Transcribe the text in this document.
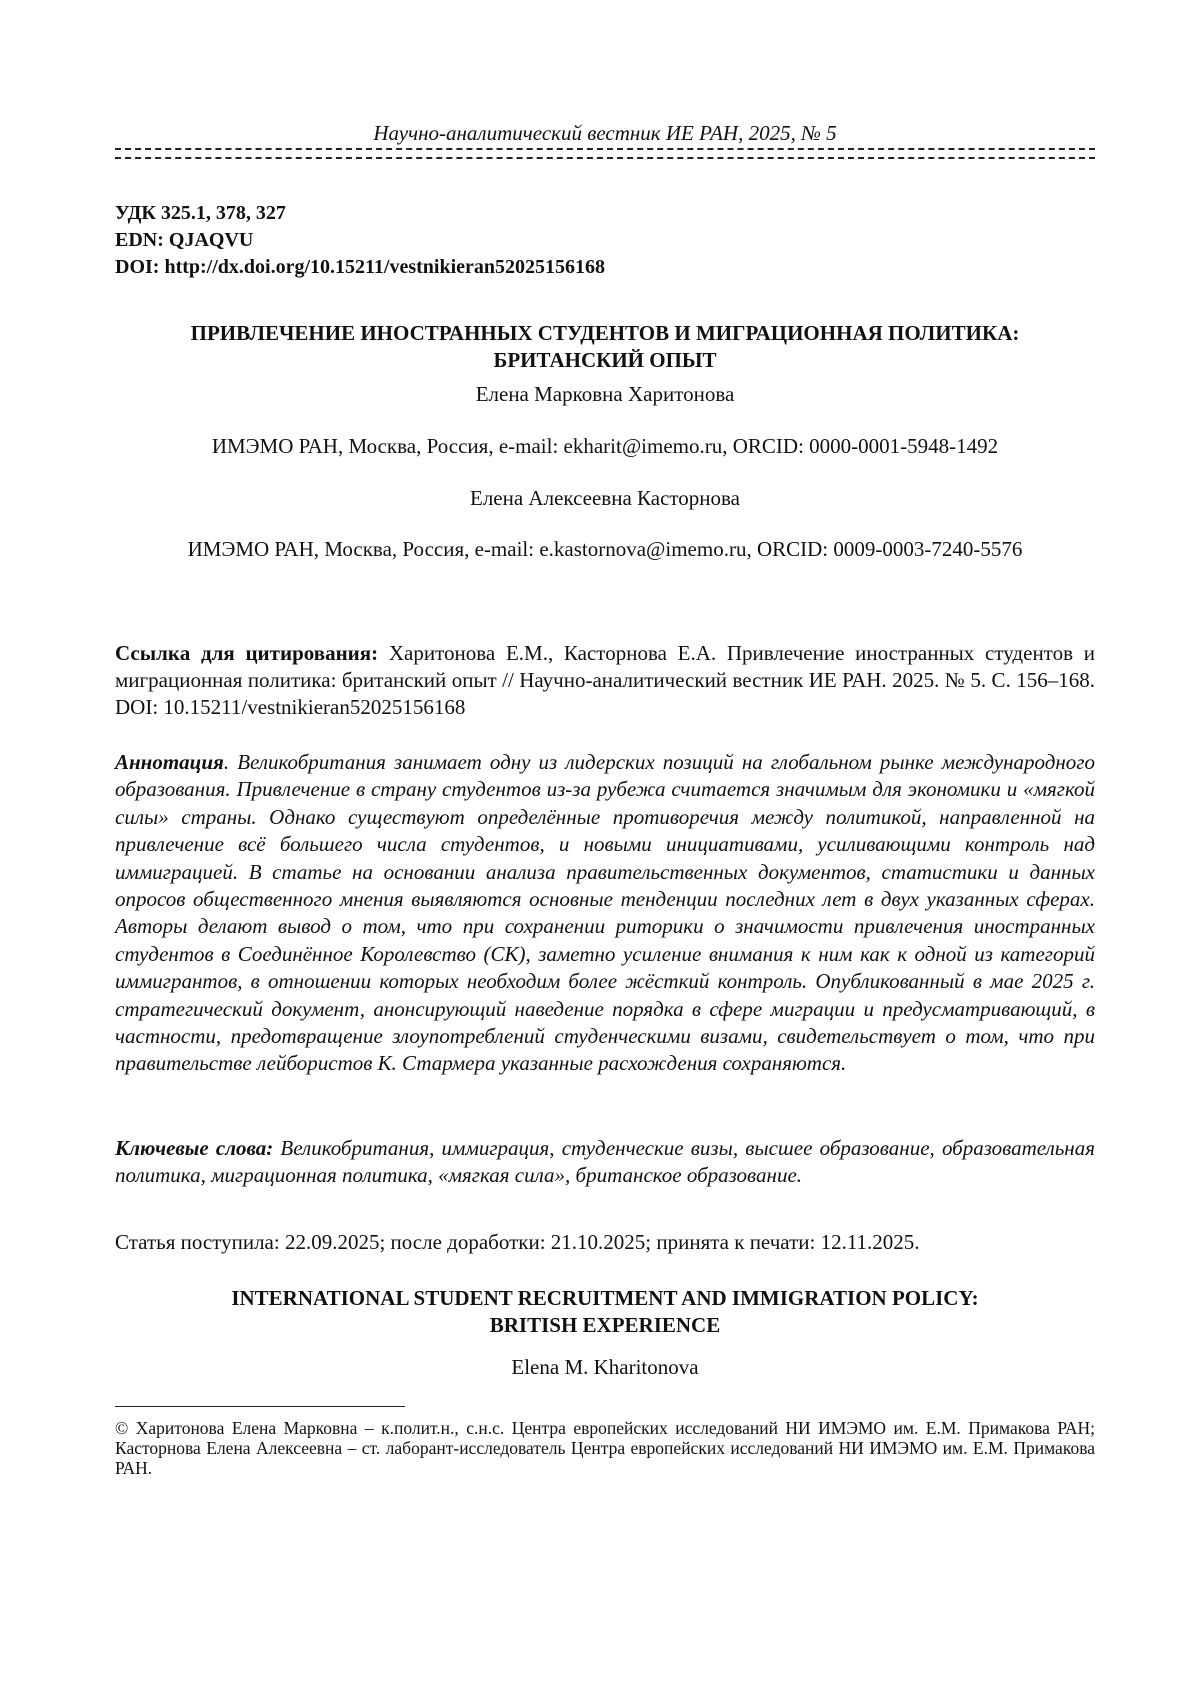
Научно-аналитический вестник ИЕ РАН, 2025, № 5
УДК 325.1, 378, 327
EDN: QJAQVU
DOI: http://dx.doi.org/10.15211/vestnikieran52025156168
ПРИВЛЕЧЕНИЕ ИНОСТРАННЫХ СТУДЕНТОВ И МИГРАЦИОННАЯ ПОЛИТИКА:
БРИТАНСКИЙ ОПЫТ
Елена Марковна Харитонова
ИМЭМО РАН, Москва, Россия, e-mail: ekharit@imemo.ru, ORCID: 0000-0001-5948-1492
Елена Алексеевна Касторнова
ИМЭМО РАН, Москва, Россия, e-mail: e.kastornova@imemo.ru, ORCID: 0009-0003-7240-5576
Ссылка для цитирования: Харитонова Е.М., Касторнова Е.А. Привлечение иностранных студентов и миграционная политика: британский опыт // Научно-аналитический вестник ИЕ РАН. 2025. № 5. С. 156–168. DOI: 10.15211/vestnikieran52025156168
Аннотация. Великобритания занимает одну из лидерских позиций на глобальном рынке международного образования. Привлечение в страну студентов из-за рубежа считается значимым для экономики и «мягкой силы» страны. Однако существуют определённые противоречия между политикой, направленной на привлечение всё большего числа студентов, и новыми инициативами, усиливающими контроль над иммиграцией. В статье на основании анализа правительственных документов, статистики и данных опросов общественного мнения выявляются основные тенденции последних лет в двух указанных сферах. Авторы делают вывод о том, что при сохранении риторики о значимости привлечения иностранных студентов в Соединённое Королевство (СК), заметно усиление внимания к ним как к одной из категорий иммигрантов, в отношении которых необходим более жёсткий контроль. Опубликованный в мае 2025 г. стратегический документ, анонсирующий наведение порядка в сфере миграции и предусматривающий, в частности, предотвращение злоупотреблений студенческими визами, свидетельствует о том, что при правительстве лейбористов К. Стармера указанные расхождения сохраняются.
Ключевые слова: Великобритания, иммиграция, студенческие визы, высшее образование, образовательная политика, миграционная политика, «мягкая сила», британское образование.
Статья поступила: 22.09.2025; после доработки: 21.10.2025; принята к печати: 12.11.2025.
INTERNATIONAL STUDENT RECRUITMENT AND IMMIGRATION POLICY:
BRITISH EXPERIENCE
Elena M. Kharitonova
© Харитонова Елена Марковна – к.полит.н., с.н.с. Центра европейских исследований НИ ИМЭМО им. Е.М. Примакова РАН; Касторнова Елена Алексеевна – ст. лаборант-исследователь Центра европейских исследований НИ ИМЭМО им. Е.М. Примакова РАН.
